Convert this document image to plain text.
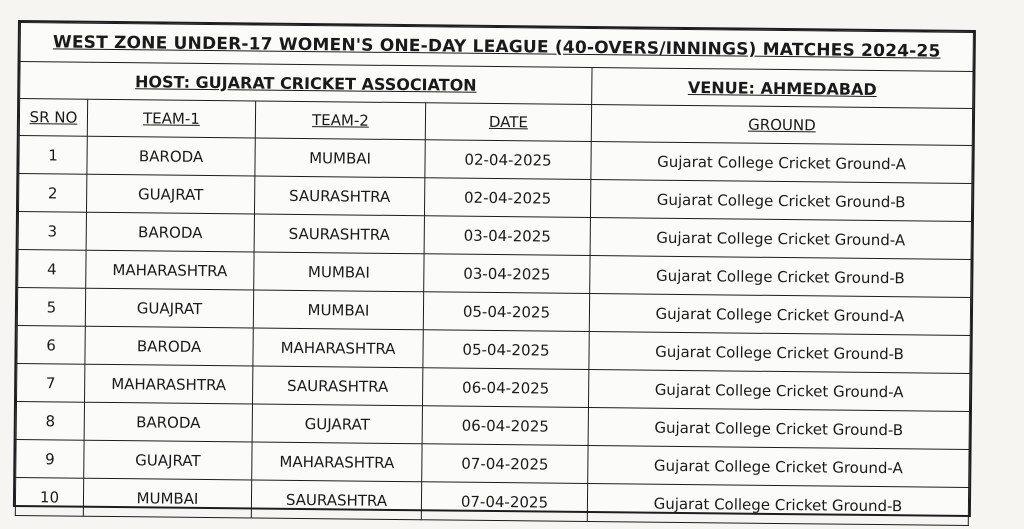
WEST ZONE UNDER-17 WOMEN'S ONE-DAY LEAGUE (40-OVERS/INNINGS) MATCHES 2024-25				
HOST: GUJARAT CRICKET ASSOCIATON				VENUE: AHMEDABAD
SR NO	TEAM-1	TEAM-2	DATE	GROUND
1	BARODA	MUMBAI	02-04-2025	Gujarat College Cricket Ground-A
2	GUAJRAT	SAURASHTRA	02-04-2025	Gujarat College Cricket Ground-B
3	BARODA	SAURASHTRA	03-04-2025	Gujarat College Cricket Ground-A
4	MAHARASHTRA	MUMBAI	03-04-2025	Gujarat College Cricket Ground-B
5	GUAJRAT	MUMBAI	05-04-2025	Gujarat College Cricket Ground-A
6	BARODA	MAHARASHTRA	05-04-2025	Gujarat College Cricket Ground-B
7	MAHARASHTRA	SAURASHTRA	06-04-2025	Gujarat College Cricket Ground-A
8	BARODA	GUJARAT	06-04-2025	Gujarat College Cricket Ground-B
9	GUAJRAT	MAHARASHTRA	07-04-2025	Gujarat College Cricket Ground-A
10	MUMBAI	SAURASHTRA	07-04-2025	Gujarat College Cricket Ground-B
